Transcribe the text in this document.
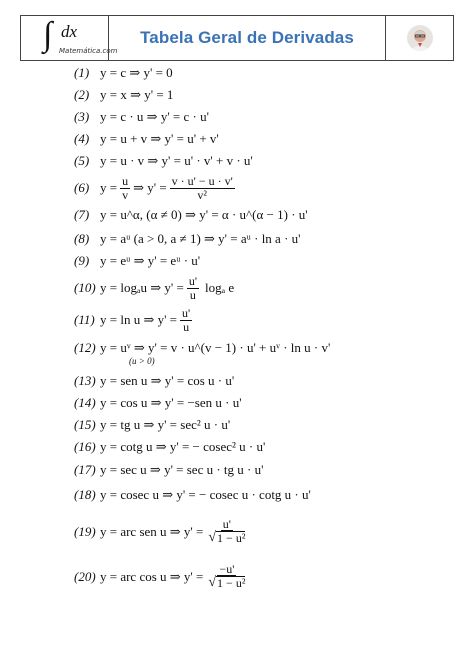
∫ dx
Matemática.com
Tabela Geral de Derivadas
(1) y = c ⇒ y' = 0
(2) y = x ⇒ y' = 1
(3) y = c · u ⇒ y' = c · u'
(4) y = u + v ⇒ y' = u' + v'
(5) y = u · v ⇒ y' = u' · v' + v · u'
(6) $y = \frac{u}{v}$ ⇒ $y' = \frac{v \cdot u' - u \cdot v'}{\text{v²}}$
(7) y = u^α, (α ≠ 0) ⇒ y' = α · u^(α − 1) · u'
(8) y = aᵘ (a > 0, a ≠ 1) ⇒ y' = aᵘ · ln a · u'
(9) y = eᵘ ⇒ y' = eᵘ · u'
(10) y = logₐu ⇒ $y' = \frac{u'}{u}$ logₐ e
(11) y = ln u ⇒ $y' = \frac{u'}{u}$
(12) y = uᵛ ⇒ y' = v · u^(v − 1) · u' + uᵛ · ln u · v'
(u > 0)
(13) y = sen u ⇒ y' = cos u · u'
(14) y = cos u ⇒ y' = −sen u · u'
(15) y = tg u ⇒ y' = sec² u · u'
(16) y = cotg u ⇒ y' = − cosec² u · u'
(17) y = sec u ⇒ y' = sec u · tg u · u'
(18) y = cosec u ⇒ y' = − cosec u · cotg u · u'
(19) y = arc sen u ⇒ $y' = \frac{u'}{\text{√ 1 − u²}}$
(20) y = arc cos u ⇒ $y' = \frac{-u'}{\text{√ 1 − u²}}$
